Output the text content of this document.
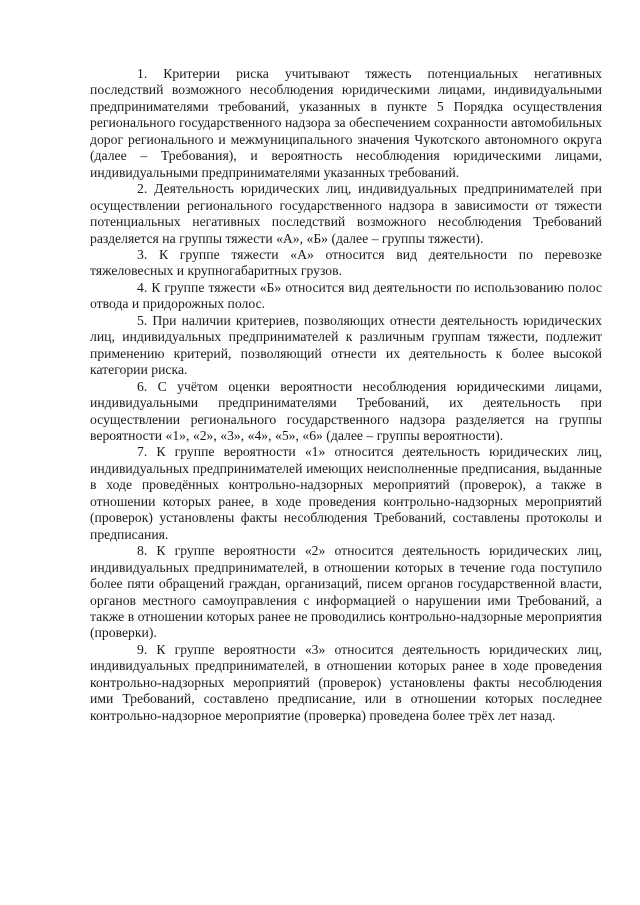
1. Критерии риска учитывают тяжесть потенциальных негативных последствий возможного несоблюдения юридическими лицами, индивидуальными предпринимателями требований, указанных в пункте 5 Порядка осуществления регионального государственного надзора за обеспечением сохранности автомобильных дорог регионального и межмуниципального значения Чукотского автономного округа (далее – Требования), и вероятность несоблюдения юридическими лицами, индивидуальными предпринимателями указанных требований.

2. Деятельность юридических лиц, индивидуальных предпринимателей при осуществлении регионального государственного надзора в зависимости от тяжести потенциальных негативных последствий возможного несоблюдения Требований разделяется на группы тяжести «А», «Б» (далее – группы тяжести).

3. К группе тяжести «А» относится вид деятельности по перевозке тяжеловесных и крупногабаритных грузов.

4. К группе тяжести «Б» относится вид деятельности по использованию полос отвода и придорожных полос.

5. При наличии критериев, позволяющих отнести деятельность юридических лиц, индивидуальных предпринимателей к различным группам тяжести, подлежит применению критерий, позволяющий отнести их деятельность к более высокой категории риска.

6. С учётом оценки вероятности несоблюдения юридическими лицами, индивидуальными предпринимателями Требований, их деятельность при осуществлении регионального государственного надзора разделяется на группы вероятности «1», «2», «3», «4», «5», «6» (далее – группы вероятности).

7. К группе вероятности «1» относится деятельность юридических лиц, индивидуальных предпринимателей имеющих неисполненные предписания, выданные в ходе проведённых контрольно-надзорных мероприятий (проверок), а также в отношении которых ранее, в ходе проведения контрольно-надзорных мероприятий (проверок) установлены факты несоблюдения Требований, составлены протоколы и предписания.

8. К группе вероятности «2» относится деятельность юридических лиц, индивидуальных предпринимателей, в отношении которых в течение года поступило более пяти обращений граждан, организаций, писем органов государственной власти, органов местного самоуправления с информацией о нарушении ими Требований, а также в отношении которых ранее не проводились контрольно-надзорные мероприятия (проверки).

9. К группе вероятности «3» относится деятельность юридических лиц, индивидуальных предпринимателей, в отношении которых ранее в ходе проведения контрольно-надзорных мероприятий (проверок) установлены факты несоблюдения ими Требований, составлено предписание, или в отношении которых последнее контрольно-надзорное мероприятие (проверка) проведена более трёх лет назад.
